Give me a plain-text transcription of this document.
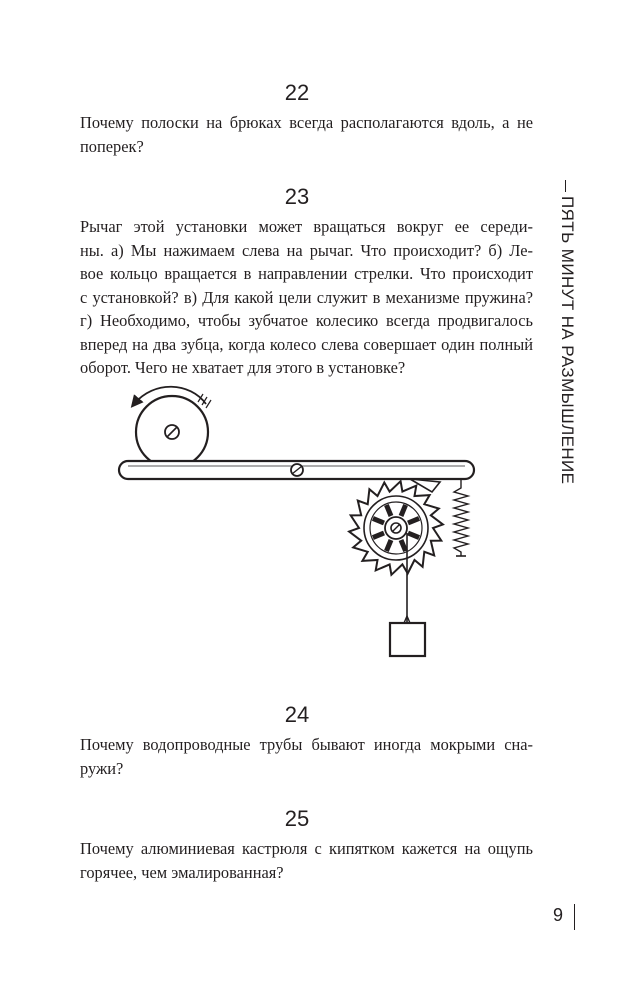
22
Почему полоски на брюках всегда располагаются вдоль, а не
поперек?
23
Рычаг этой установки может вращаться вокруг ее середи-
ны. а) Мы нажимаем слева на рычаг. Что происходит? б) Ле-
вое кольцо вращается в направлении стрелки. Что происходит
с установкой? в) Для какой цели служит в механизме пружина?
г) Необходимо, чтобы зубчатое колесико всегда продвигалось
вперед на два зубца, когда колесо слева совершает один полный
оборот. Чего не хватает для этого в установке?
24
Почему водопроводные трубы бывают иногда мокрыми сна-
ружи?
25
Почему алюминиевая кастрюля с кипятком кажется на ощупь
горячее, чем эмалированная?
ПЯТЬ МИНУТ НА РАЗМЫШЛЕНИЕ
9
